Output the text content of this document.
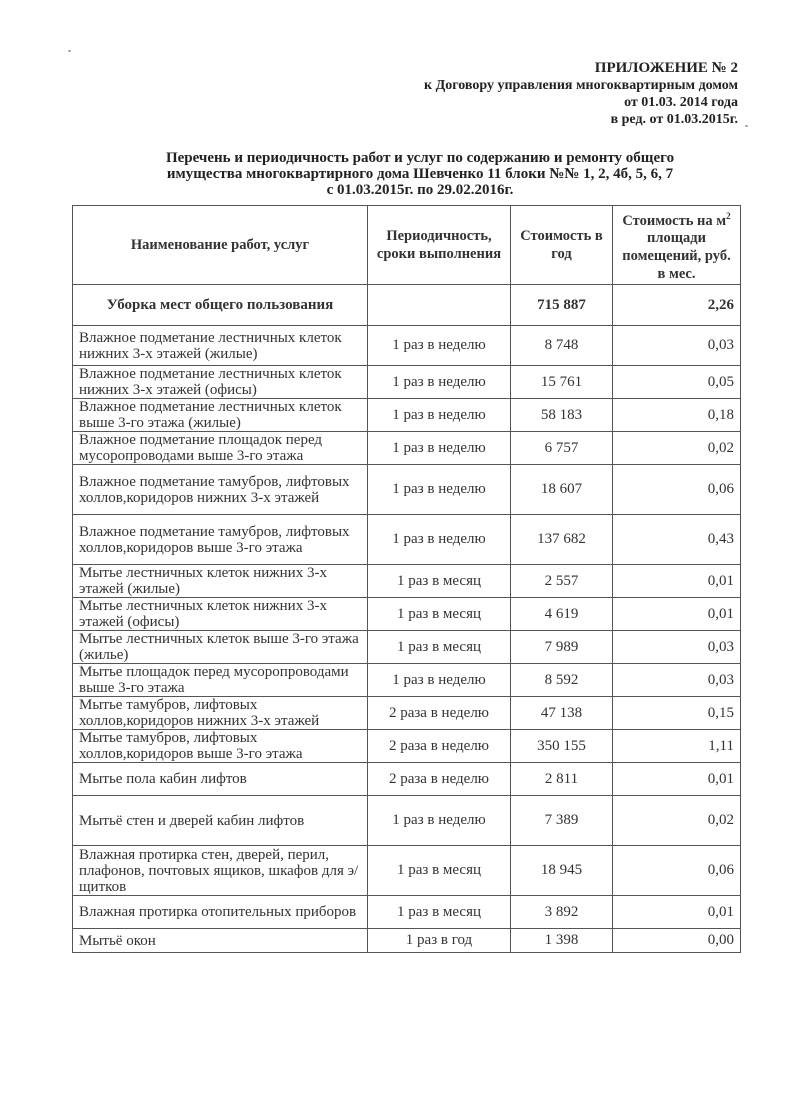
ПРИЛОЖЕНИЕ № 2
к Договору управления многоквартирным домом
от 01.03. 2014 года
в ред. от 01.03.2015г.
Перечень и периодичность работ и услуг по содержанию и ремонту общего
имущества многоквартирного дома Шевченко 11 блоки №№ 1, 2, 4б, 5, 6, 7
с 01.03.2015г. по 29.02.2016г.
Наименование работ, услуг	Периодичность, сроки выполнения	Стоимость в год	Стоимость на $м^2$ площади помещений, руб. в мес.
Уборка мест общего пользования		715 887	2,26
Влажное подметание лестничных клеток нижних 3-х этажей (жилые)	1 раз в неделю	8 748	0,03
Влажное подметание лестничных клеток нижних 3-х этажей (офисы)	1 раз в неделю	15 761	0,05
Влажное подметание лестничных клеток выше 3-го этажа (жилые)	1 раз в неделю	58 183	0,18
Влажное подметание площадок перед мусоропроводами выше 3-го этажа	1 раз в неделю	6 757	0,02
Влажное подметание тамубров, лифтовых холлов,коридоров нижних 3-х этажей	1 раз в неделю	18 607	0,06
Влажное подметание тамубров, лифтовых холлов,коридоров выше 3-го этажа	1 раз в неделю	137 682	0,43
Мытье лестничных клеток нижних 3-х этажей (жилые)	1 раз в месяц	2 557	0,01
Мытье лестничных клеток нижних 3-х этажей (офисы)	1 раз в месяц	4 619	0,01
Мытье лестничных клеток выше 3-го этажа (жилье)	1 раз в месяц	7 989	0,03
Мытье площадок перед мусоропроводами выше 3-го этажа	1 раз в неделю	8 592	0,03
Мытье тамубров, лифтовых холлов,коридоров нижних 3-х этажей	2 раза в неделю	47 138	0,15
Мытье тамубров, лифтовых холлов,коридоров выше 3-го этажа	2 раза в неделю	350 155	1,11
Мытье пола кабин лифтов	2 раза в неделю	2 811	0,01
Мытьё стен и дверей кабин лифтов	1 раз в неделю	7 389	0,02
Влажная протирка стен, дверей, перил, плафонов, почтовых ящиков, шкафов для э/щитков	1 раз в месяц	18 945	0,06
Влажная протирка отопительных приборов	1 раз в месяц	3 892	0,01
Мытьё окон	1 раз в год	1 398	0,00
